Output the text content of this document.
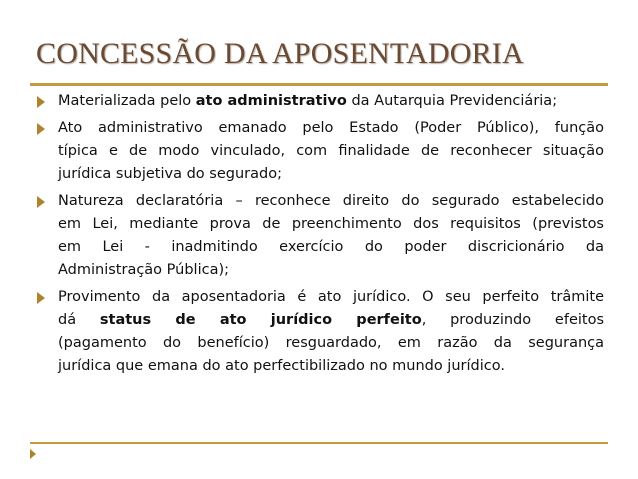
CONCESSÃO DA APOSENTADORIA
Materializada pelo ato administrativo da Autarquia Previdenciária;
Ato administrativo emanado pelo Estado (Poder Público), função
típica e de modo vinculado, com finalidade de reconhecer situação
jurídica subjetiva do segurado;
Natureza declaratória – reconhece direito do segurado estabelecido
em Lei, mediante prova de preenchimento dos requisitos (previstos
em Lei - inadmitindo exercício do poder discricionário da
Administração Pública);
Provimento da aposentadoria é ato jurídico. O seu perfeito trâmite
dá status de ato jurídico perfeito, produzindo efeitos
(pagamento do benefício) resguardado, em razão da segurança
jurídica que emana do ato perfectibilizado no mundo jurídico.
